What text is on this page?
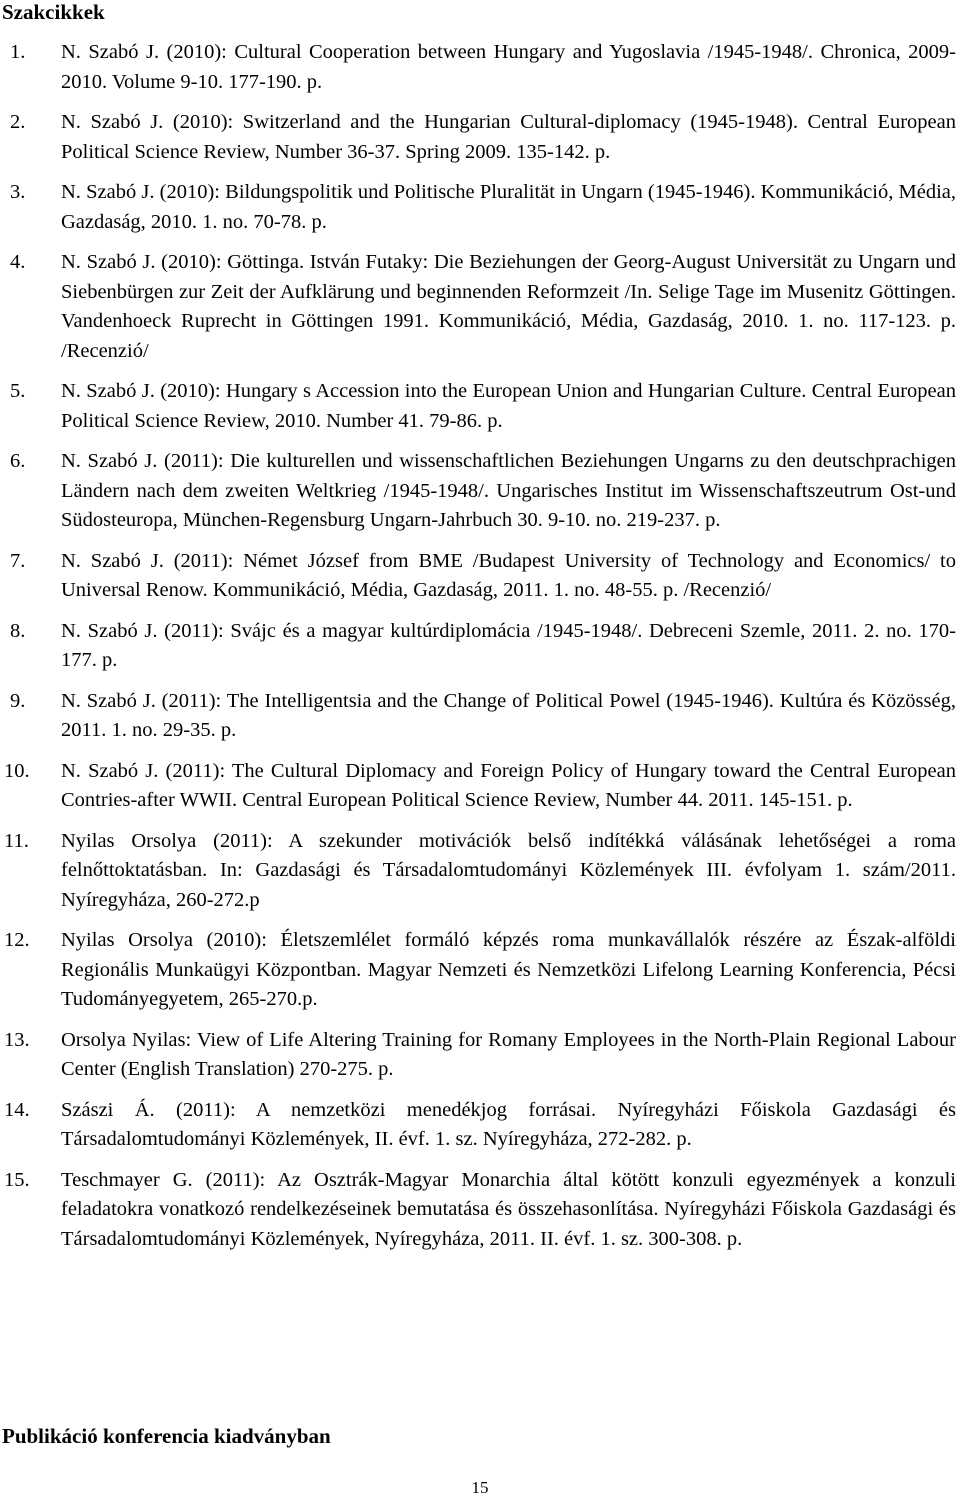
Szakcikkek
1. N. Szabó J. (2010): Cultural Cooperation between Hungary and Yugoslavia /1945-1948/. Chronica, 2009-2010. Volume 9-10. 177-190. p.
2. N. Szabó J. (2010): Switzerland and the Hungarian Cultural-diplomacy (1945-1948). Central European Political Science Review, Number 36-37. Spring 2009. 135-142. p.
3. N. Szabó J. (2010): Bildungspolitik und Politische Pluralität in Ungarn (1945-1946). Kommunikáció, Média, Gazdaság, 2010. 1. no. 70-78. p.
4. N. Szabó J. (2010): Göttinga. István Futaky: Die Beziehungen der Georg-August Universität zu Ungarn und Siebenbürgen zur Zeit der Aufklärung und beginnenden Reformzeit /In. Selige Tage im Musenitz Göttingen. Vandenhoeck Ruprecht in Göttingen 1991. Kommunikáció, Média, Gazdaság, 2010. 1. no. 117-123. p. /Recenzió/
5. N. Szabó J. (2010): Hungary s Accession into the European Union and Hungarian Culture. Central European Political Science Review, 2010. Number 41. 79-86. p.
6. N. Szabó J. (2011): Die kulturellen und wissenschaftlichen Beziehungen Ungarns zu den deutschprachigen Ländern nach dem zweiten Weltkrieg /1945-1948/. Ungarisches Institut im Wissenschaftszeutrum Ost-und Südosteuropa, München-Regensburg Ungarn-Jahrbuch 30. 9-10. no. 219-237. p.
7. N. Szabó J. (2011): Német József from BME /Budapest University of Technology and Economics/ to Universal Renow. Kommunikáció, Média, Gazdaság, 2011. 1. no. 48-55. p. /Recenzió/
8. N. Szabó J. (2011): Svájc és a magyar kultúrdiplomácia /1945-1948/. Debreceni Szemle, 2011. 2. no. 170-177. p.
9. N. Szabó J. (2011): The Intelligentsia and the Change of Political Powel (1945-1946). Kultúra és Közösség, 2011. 1. no. 29-35. p.
10. N. Szabó J. (2011): The Cultural Diplomacy and Foreign Policy of Hungary toward the Central European Contries-after WWII. Central European Political Science Review, Number 44. 2011. 145-151. p.
11. Nyilas Orsolya (2011): A szekunder motivációk belső indítékká válásának lehetőségei a roma felnőttoktatásban. In: Gazdasági és Társadalomtudományi Közlemények III. évfolyam 1. szám/2011. Nyíregyháza, 260-272.p
12. Nyilas Orsolya (2010): Életszemlélet formáló képzés roma munkavállalók részére az Észak-alföldi Regionális Munkaügyi Központban. Magyar Nemzeti és Nemzetközi Lifelong Learning Konferencia, Pécsi Tudományegyetem, 265-270.p.
13. Orsolya Nyilas: View of Life Altering Training for Romany Employees in the North-Plain Regional Labour Center (English Translation) 270-275. p.
14. Szászi Á. (2011): A nemzetközi menedékjog forrásai. Nyíregyházi Főiskola Gazdasági és Társadalomtudományi Közlemények, II. évf. 1. sz. Nyíregyháza, 272-282. p.
15. Teschmayer G. (2011): Az Osztrák-Magyar Monarchia által kötött konzuli egyezmények a konzuli feladatokra vonatkozó rendelkezéseinek bemutatása és összehasonlítása. Nyíregyházi Főiskola Gazdasági és Társadalomtudományi Közlemények, Nyíregyháza, 2011. II. évf. 1. sz. 300-308. p.
Publikáció konferencia kiadványban
15
